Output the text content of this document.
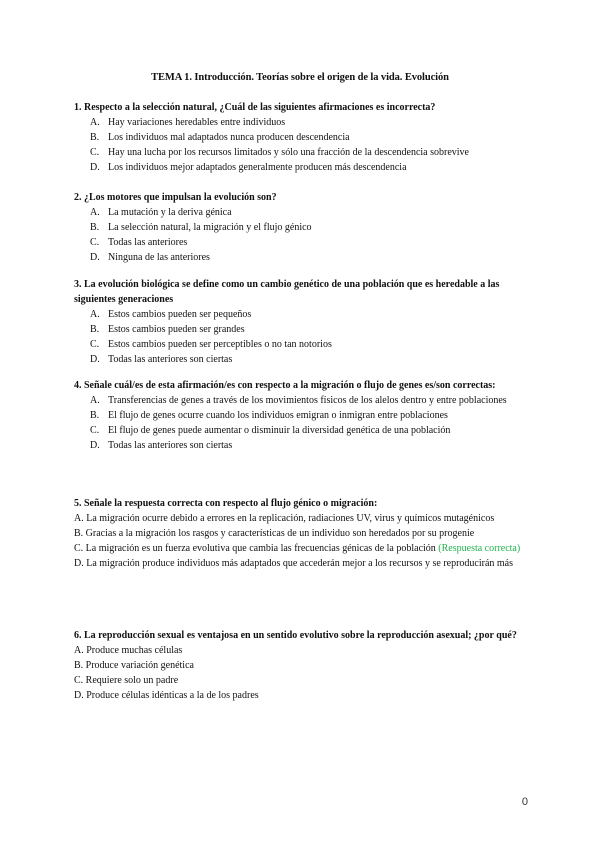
TEMA 1. Introducción. Teorías sobre el origen de la vida. Evolución
1. Respecto a la selección natural, ¿Cuál de las siguientes afirmaciones es incorrecta?
A. Hay variaciones heredables entre individuos
B. Los individuos mal adaptados nunca producen descendencia
C. Hay una lucha por los recursos limitados y sólo una fracción de la descendencia sobrevive
D. Los individuos mejor adaptados generalmente producen más descendencia
2. ¿Los motores que impulsan la evolución son?
A. La mutación y la deriva génica
B. La selección natural, la migración y el flujo génico
C. Todas las anteriores
D. Ninguna de las anteriores
3. La evolución biológica se define como un cambio genético de una población que es heredable a las siguientes generaciones
A. Estos cambios pueden ser pequeños
B. Estos cambios pueden ser grandes
C. Estos cambios pueden ser perceptibles o no tan notorios
D. Todas las anteriores son ciertas
4. Señale cuál/es de esta afirmación/es con respecto a la migración o flujo de genes es/son correctas:
A. Transferencias de genes a través de los movimientos físicos de los alelos dentro y entre poblaciones
B. El flujo de genes ocurre cuando los individuos emigran o inmigran entre poblaciones
C. El flujo de genes puede aumentar o disminuir la diversidad genética de una población
D. Todas las anteriores son ciertas
5. Señale la respuesta correcta con respecto al flujo génico o migración:
A. La migración ocurre debido a errores en la replicación, radiaciones UV, virus y químicos mutagénicos
B. Gracias a la migración los rasgos y características de un individuo son heredados por su progenie
C. La migración es un fuerza evolutiva que cambia las frecuencias génicas de la población (Respuesta correcta)
D. La migración produce individuos más adaptados que accederán mejor a los recursos y se reproducirán más
6. La reproducción sexual es ventajosa en un sentido evolutivo sobre la reproducción asexual; ¿por qué?
A. Produce muchas células
B. Produce variación genética
C. Requiere solo un padre
D. Produce células idénticas a la de los padres
0
